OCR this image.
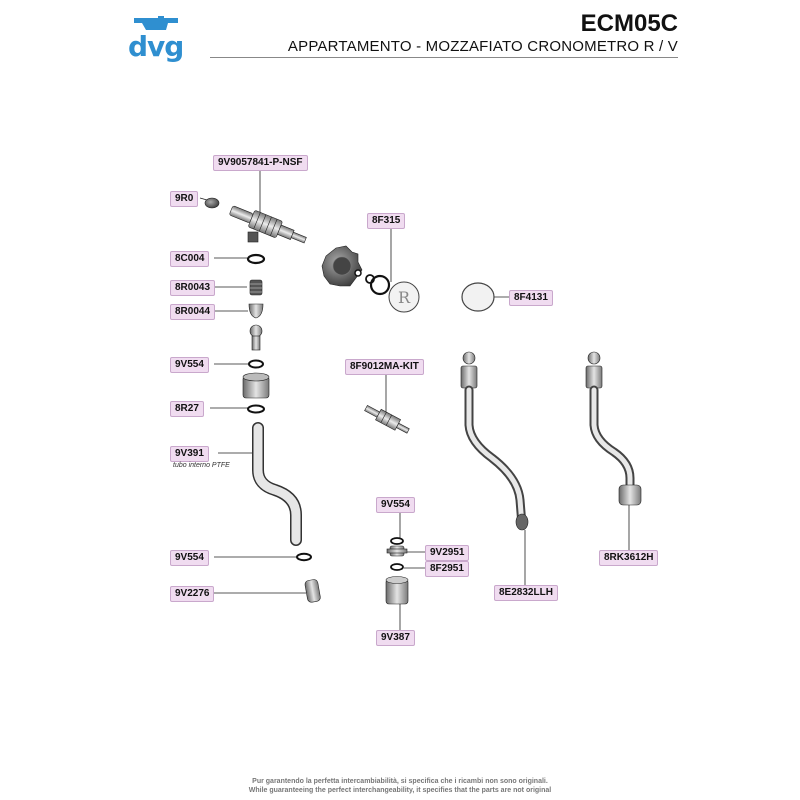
dvg
ECM05C
APPARTAMENTO - MOZZAFIATO CRONOMETRO R / V
R
9V9057841-P-NSF
9R0
8C004
8R0043
8R0044
9V554
8R27
9V391
tubo interno PTFE
9V554
9V2276
8F315
8F4131
8F9012MA-KIT
9V554
9V2951
8F2951
9V387
8E2832LLH
8RK3612H
Pur garantendo la perfetta intercambiabilità, si specifica che i ricambi non sono originali.
While guaranteeing the perfect interchangeability, it specifies that the parts are not original
